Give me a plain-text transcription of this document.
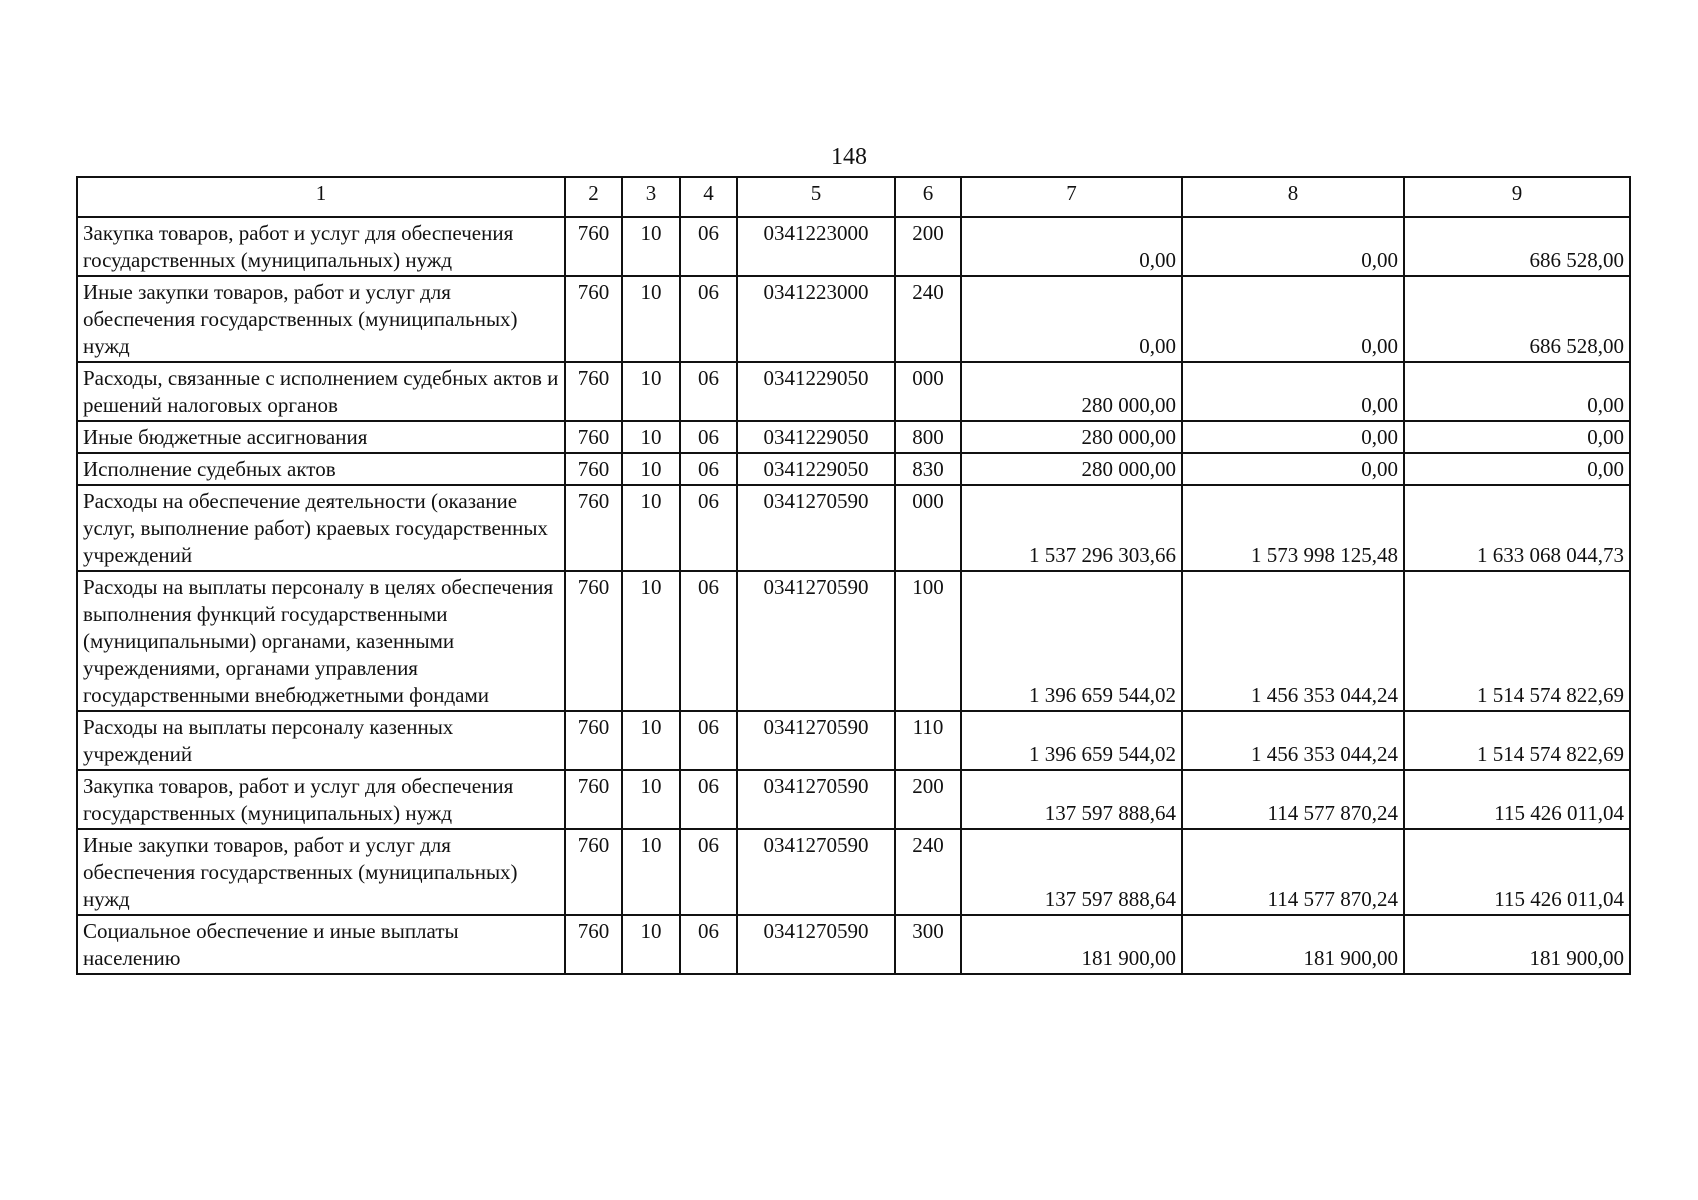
148
1	2	3	4	5	6	7	8	9
Закупка товаров, работ и услуг для обеспечения государственных (муниципальных) нужд	760	10	06	0341223000	200	0,00	0,00	686 528,00
Иные закупки товаров, работ и услуг для обеспечения государственных (муниципальных) нужд	760	10	06	0341223000	240	0,00	0,00	686 528,00
Расходы, связанные с исполнением судебных актов и решений налоговых органов	760	10	06	0341229050	000	280 000,00	0,00	0,00
Иные бюджетные ассигнования	760	10	06	0341229050	800	280 000,00	0,00	0,00
Исполнение судебных актов	760	10	06	0341229050	830	280 000,00	0,00	0,00
Расходы на обеспечение деятельности (оказание услуг, выполнение работ) краевых государственных учреждений	760	10	06	0341270590	000	1 537 296 303,66	1 573 998 125,48	1 633 068 044,73
Расходы на выплаты персоналу в целях обеспечения выполнения функций государственными (муниципальными) органами, казенными учреждениями, органами управления государственными внебюджетными фондами	760	10	06	0341270590	100	1 396 659 544,02	1 456 353 044,24	1 514 574 822,69
Расходы на выплаты персоналу казенных учреждений	760	10	06	0341270590	110	1 396 659 544,02	1 456 353 044,24	1 514 574 822,69
Закупка товаров, работ и услуг для обеспечения государственных (муниципальных) нужд	760	10	06	0341270590	200	137 597 888,64	114 577 870,24	115 426 011,04
Иные закупки товаров, работ и услуг для обеспечения государственных (муниципальных) нужд	760	10	06	0341270590	240	137 597 888,64	114 577 870,24	115 426 011,04
Социальное обеспечение и иные выплаты населению	760	10	06	0341270590	300	181 900,00	181 900,00	181 900,00
